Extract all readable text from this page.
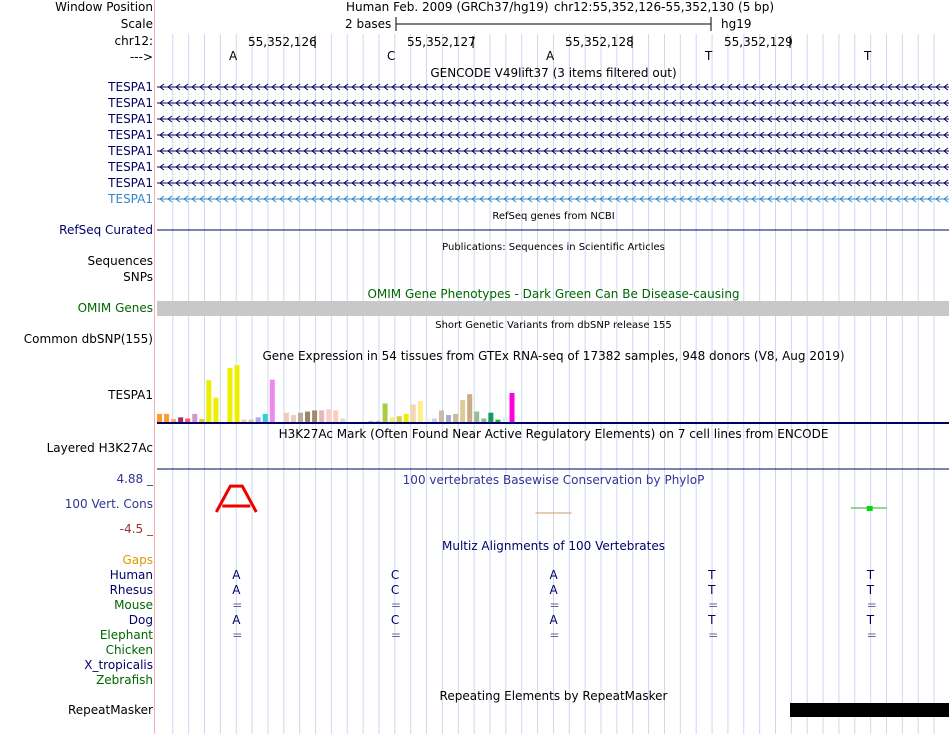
Window Position
Scale
chr12:
--->
Human Feb. 2009 (GRCh37/hg19) chr12:55,352,126-55,352,130 (5 bp)
2 bases	hg19
55,352,126	55,352,127	55,352,128	55,352,129
A	C	A	T	T
GENCODE V49lift37 (3 items filtered out)
TESPA1
TESPA1
TESPA1
TESPA1
TESPA1
TESPA1
TESPA1
TESPA1
RefSeq genes from NCBI
RefSeq Curated
Publications: Sequences in Scientific Articles
Sequences
SNPs
OMIM Gene Phenotypes - Dark Green Can Be Disease-causing
OMIM Genes
Short Genetic Variants from dbSNP release 155
Common dbSNP(155)
Gene Expression in 54 tissues from GTEx RNA-seq of 17382 samples, 948 donors (V8, Aug 2019)
TESPA1
H3K27Ac Mark (Often Found Near Active Regulatory Elements) on 7 cell lines from ENCODE
Layered H3K27Ac
100 vertebrates Basewise Conservation by PhyloP
4.88 _
100 Vert. Cons
-4.5 _
Multiz Alignments of 100 Vertebrates
Gaps
Human	A	C	A	T	T
Rhesus	A	C	A	T	T
Mouse	=	=	=	=	=
Dog	A	C	A	T	T
Elephant	=	=	=	=	=
Chicken
X_tropicalis
Zebrafish
Repeating Elements by RepeatMasker
RepeatMasker
